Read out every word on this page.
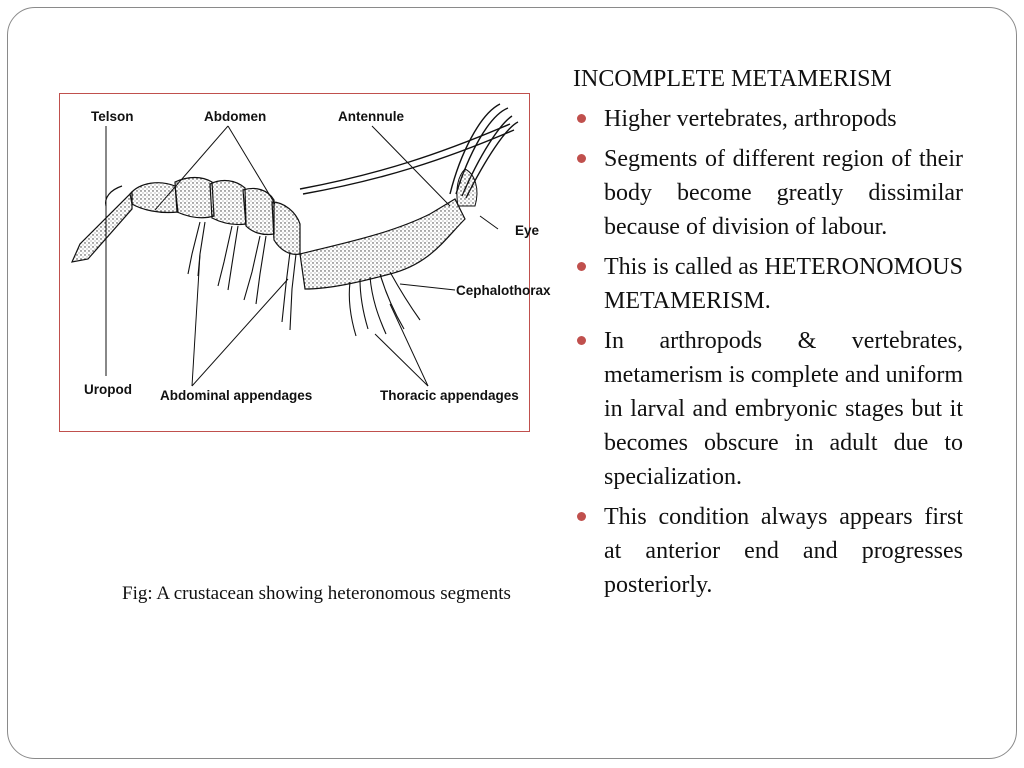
Telson	Abdomen	Antennule
Eye
Cephalothorax
Uropod Abdominal appendages	Thoracic appendages
Fig: A crustacean showing heteronomous segments
INCOMPLETE METAMERISM
Higher vertebrates, arthropods
Segments of different region of their body become greatly dissimilar because of division of labour.
This is called as HETERONOMOUS METAMERISM.
In arthropods & vertebrates, metamerism is complete and uniform in larval and embryonic stages but it becomes obscure in adult due to specialization.
This condition always appears first at anterior end and progresses posteriorly.
